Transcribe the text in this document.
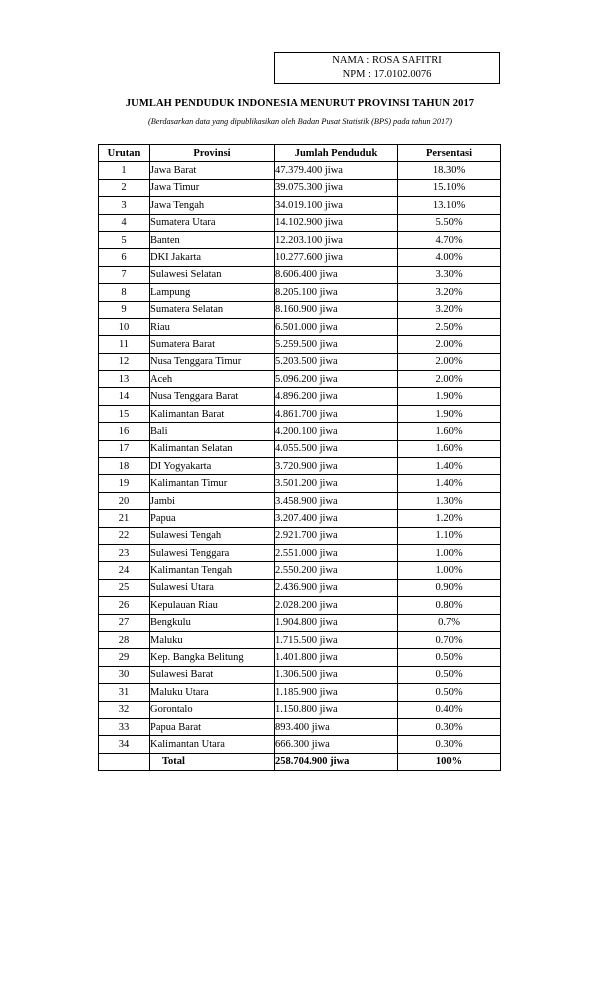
NAMA : ROSA SAFITRI
NPM : 17.0102.0076
JUMLAH PENDUDUK INDONESIA MENURUT PROVINSI TAHUN 2017
(Berdasarkan data yang dipublikasikan oleh Badan Pusat Statistik (BPS) pada tahun 2017)
Urutan	Provinsi	Jumlah Penduduk	Persentasi
1	Jawa Barat	47.379.400 jiwa	18.30%
2	Jawa Timur	39.075.300 jiwa	15.10%
3	Jawa Tengah	34.019.100 jiwa	13.10%
4	Sumatera Utara	14.102.900 jiwa	5.50%
5	Banten	12.203.100 jiwa	4.70%
6	DKI Jakarta	10.277.600 jiwa	4.00%
7	Sulawesi Selatan	8.606.400 jiwa	3.30%
8	Lampung	8.205.100 jiwa	3.20%
9	Sumatera Selatan	8.160.900 jiwa	3.20%
10	Riau	6.501.000 jiwa	2.50%
11	Sumatera Barat	5.259.500 jiwa	2.00%
12	Nusa Tenggara Timur	5.203.500 jiwa	2.00%
13	Aceh	5.096.200 jiwa	2.00%
14	Nusa Tenggara Barat	4.896.200 jiwa	1.90%
15	Kalimantan Barat	4.861.700 jiwa	1.90%
16	Bali	4.200.100 jiwa	1.60%
17	Kalimantan Selatan	4.055.500 jiwa	1.60%
18	DI Yogyakarta	3.720.900 jiwa	1.40%
19	Kalimantan Timur	3.501.200 jiwa	1.40%
20	Jambi	3.458.900 jiwa	1.30%
21	Papua	3.207.400 jiwa	1.20%
22	Sulawesi Tengah	2.921.700 jiwa	1.10%
23	Sulawesi Tenggara	2.551.000 jiwa	1.00%
24	Kalimantan Tengah	2.550.200 jiwa	1.00%
25	Sulawesi Utara	2.436.900 jiwa	0.90%
26	Kepulauan Riau	2.028.200 jiwa	0.80%
27	Bengkulu	1.904.800 jiwa	0.7%
28	Maluku	1.715.500 jiwa	0.70%
29	Kep. Bangka Belitung	1.401.800 jiwa	0.50%
30	Sulawesi Barat	1.306.500 jiwa	0.50%
31	Maluku Utara	1.185.900 jiwa	0.50%
32	Gorontalo	1.150.800 jiwa	0.40%
33	Papua Barat	893.400 jiwa	0.30%
34	Kalimantan Utara	666.300 jiwa	0.30%
	Total	258.704.900 jiwa	100%
